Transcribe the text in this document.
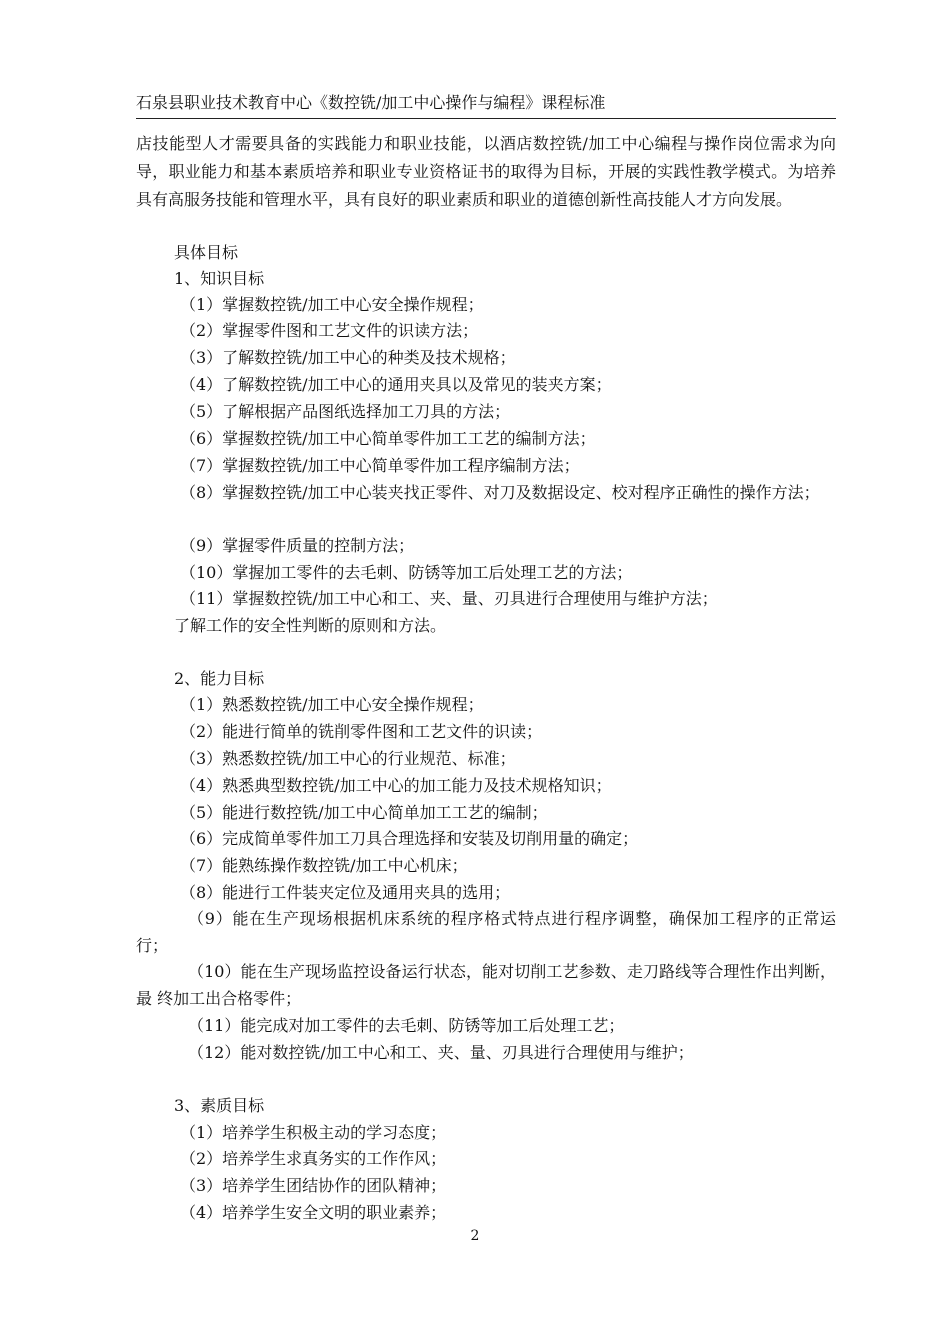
石泉县职业技术教育中心《数控铣/加工中心操作与编程》课程标准
店技能型人才需要具备的实践能力和职业技能，以酒店数控铣/加工中心编程与操作岗位需求为向导，职业能力和基本素质培养和职业专业资格证书的取得为目标，开展的实践性教学模式。为培养具有高服务技能和管理水平，具有良好的职业素质和职业的道德创新性高技能人才方向发展。
具体目标
1、知识目标
（1）掌握数控铣/加工中心安全操作规程；
（2）掌握零件图和工艺文件的识读方法；
（3）了解数控铣/加工中心的种类及技术规格；
（4）了解数控铣/加工中心的通用夹具以及常见的装夹方案；
（5）了解根据产品图纸选择加工刀具的方法；
（6）掌握数控铣/加工中心简单零件加工工艺的编制方法；
（7）掌握数控铣/加工中心简单零件加工程序编制方法；
（8）掌握数控铣/加工中心装夹找正零件、对刀及数据设定、校对程序正确性的操作方法；
（9）掌握零件质量的控制方法；
（10）掌握加工零件的去毛刺、防锈等加工后处理工艺的方法；
（11）掌握数控铣/加工中心和工、夹、量、刃具进行合理使用与维护方法；
了解工作的安全性判断的原则和方法。
2、能力目标
（1）熟悉数控铣/加工中心安全操作规程；
（2）能进行简单的铣削零件图和工艺文件的识读；
（3）熟悉数控铣/加工中心的行业规范、标准；
（4）熟悉典型数控铣/加工中心的加工能力及技术规格知识；
（5）能进行数控铣/加工中心简单加工工艺的编制；
（6）完成简单零件加工刀具合理选择和安装及切削用量的确定；
（7）能熟练操作数控铣/加工中心机床；
（8）能进行工件装夹定位及通用夹具的选用；
（9）能在生产现场根据机床系统的程序格式特点进行程序调整，确保加工程序的正常运行；
（10）能在生产现场监控设备运行状态，能对切削工艺参数、走刀路线等合理性作出判断，最 终加工出合格零件；
（11）能完成对加工零件的去毛刺、防锈等加工后处理工艺；
（12）能对数控铣/加工中心和工、夹、量、刃具进行合理使用与维护；
3、素质目标
（1）培养学生积极主动的学习态度；
（2）培养学生求真务实的工作作风；
（3）培养学生团结协作的团队精神；
（4）培养学生安全文明的职业素养；
2
